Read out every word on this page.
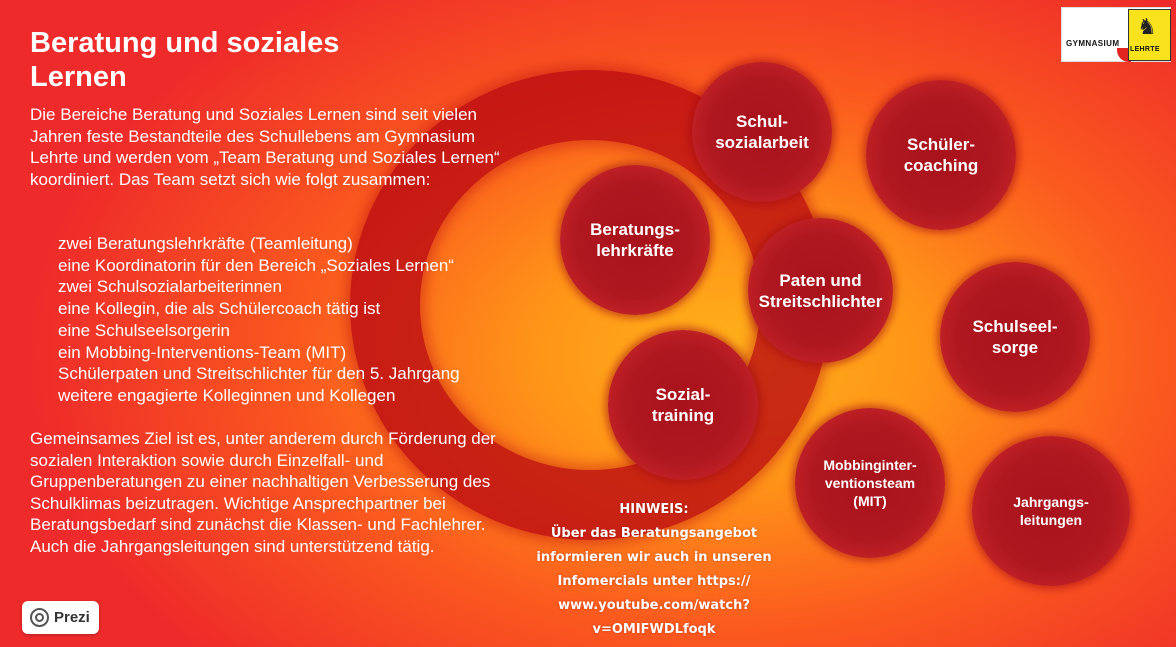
Beratung und soziales Lernen

Die Bereiche Beratung und Soziales Lernen sind seit vielen Jahren feste Bestandteile des Schullebens am Gymnasium Lehrte und werden vom „Team Beratung und Soziales Lernen“ koordiniert. Das Team setzt sich wie folgt zusammen:

zwei Beratungslehrkräfte (Teamleitung)
eine Koordinatorin für den Bereich „Soziales Lernen“
zwei Schulsozialarbeiterinnen
eine Kollegin, die als Schülercoach tätig ist
eine Schulseelsorgerin
ein Mobbing-Interventions-Team (MIT)
Schülerpaten und Streitschlichter für den 5. Jahrgang
weitere engagierte Kolleginnen und Kollegen

Gemeinsames Ziel ist es, unter anderem durch Förderung der sozialen Interaktion sowie durch Einzelfall- und Gruppenberatungen zu einer nachhaltigen Verbesserung des Schulklimas beizutragen. Wichtige Ansprechpartner bei Beratungsbedarf sind zunächst die Klassen- und Fachlehrer. Auch die Jahrgangsleitungen sind unterstützend tätig.

Schul-
sozialarbeit	Schüler-
coaching
Beratungs-
lehrkräfte
Paten und
Streitschlichter
Schulseel-
sorge
Sozial-
training
Mobbinginter-
ventionsteam
(MIT)	Jahrgangs-
leitungen
GYMNASIUM
♞
LEHRTE
HINWEIS:
Über das Beratungsangebot
informieren wir auch in unseren
Infomercials unter https://
www.youtube.com/watch?
v=OMIFWDLfoqk
Prezi
